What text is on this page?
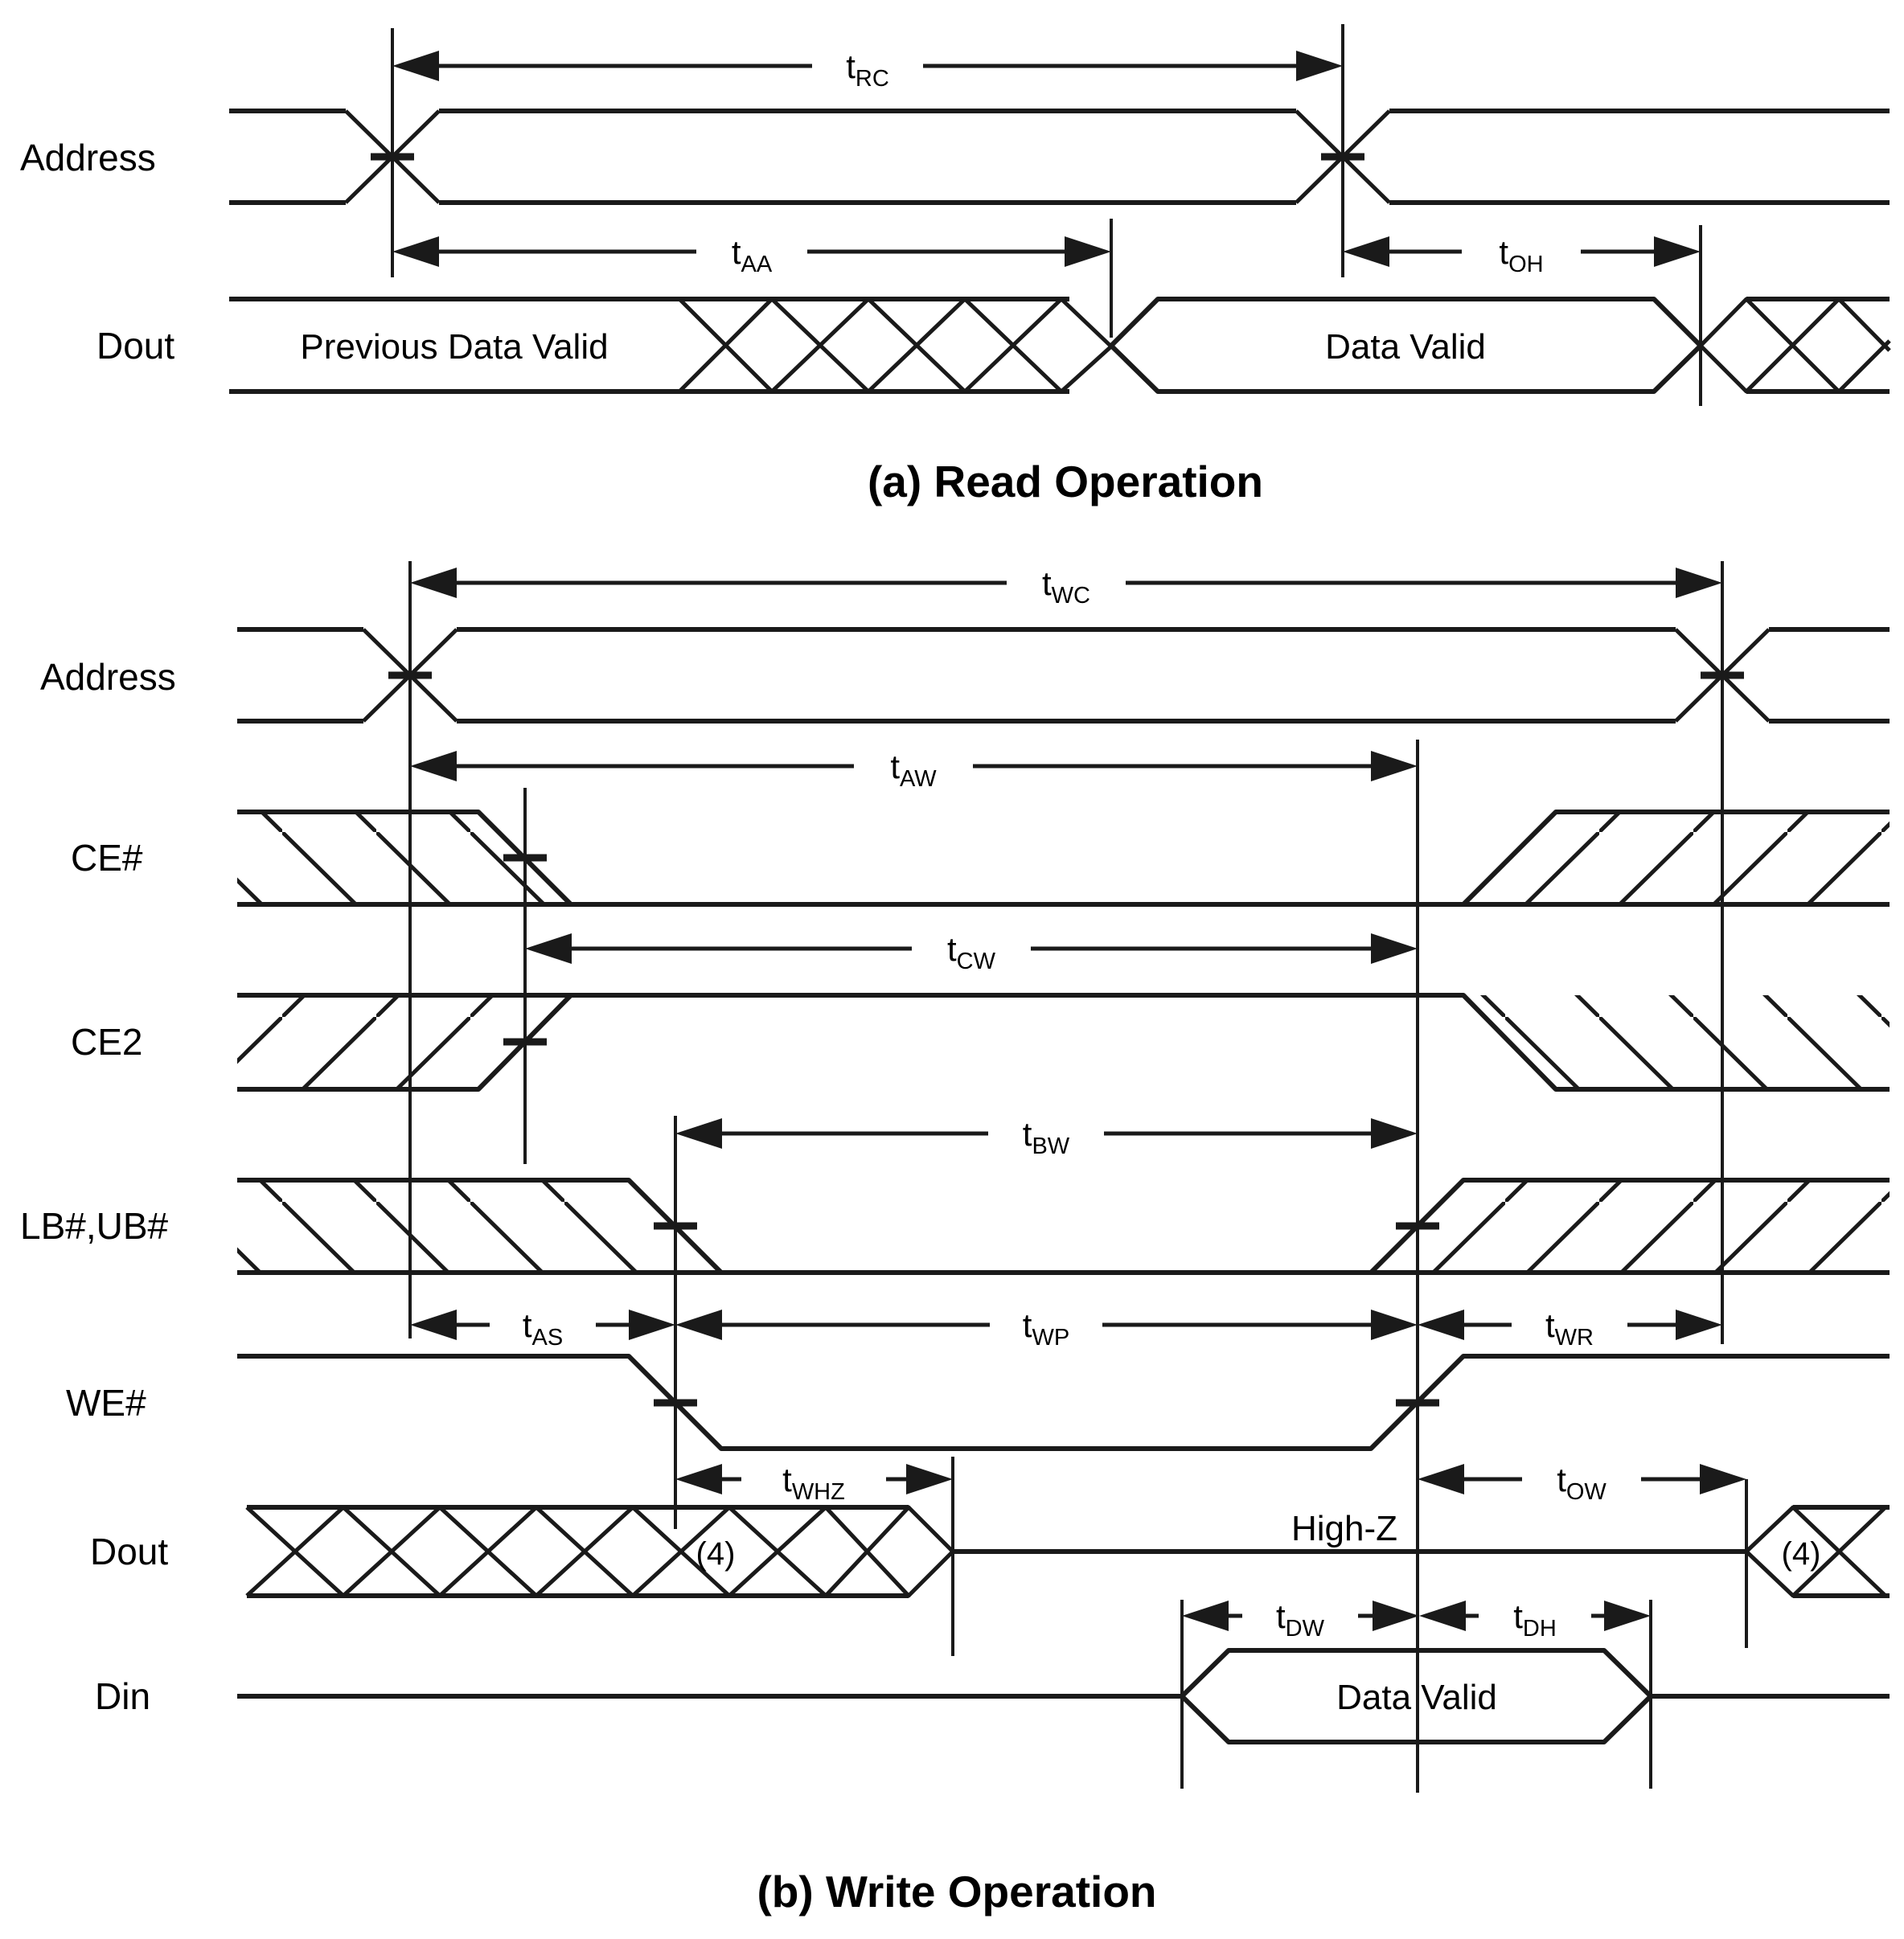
$t_{RC}$
$t_{AA}$	$t_{OH}$
Address
Dout	Previous Data Valid	Data Valid
(a) Read Operation
$t_{WC}$
$t_{AW}$
$t_{CW}$
$t_{BW}$
$t_{AS}$	$t_{WP}$	$t_{WR}$
$t_{WHZ}$	$t_{OW}$
$t_{DW}$	$t_{DH}$
Address
CE#
CE2
LB#,UB#
WE#
Dout
Din
(4)
High-Z
(4)
Data Valid
(b) Write Operation
